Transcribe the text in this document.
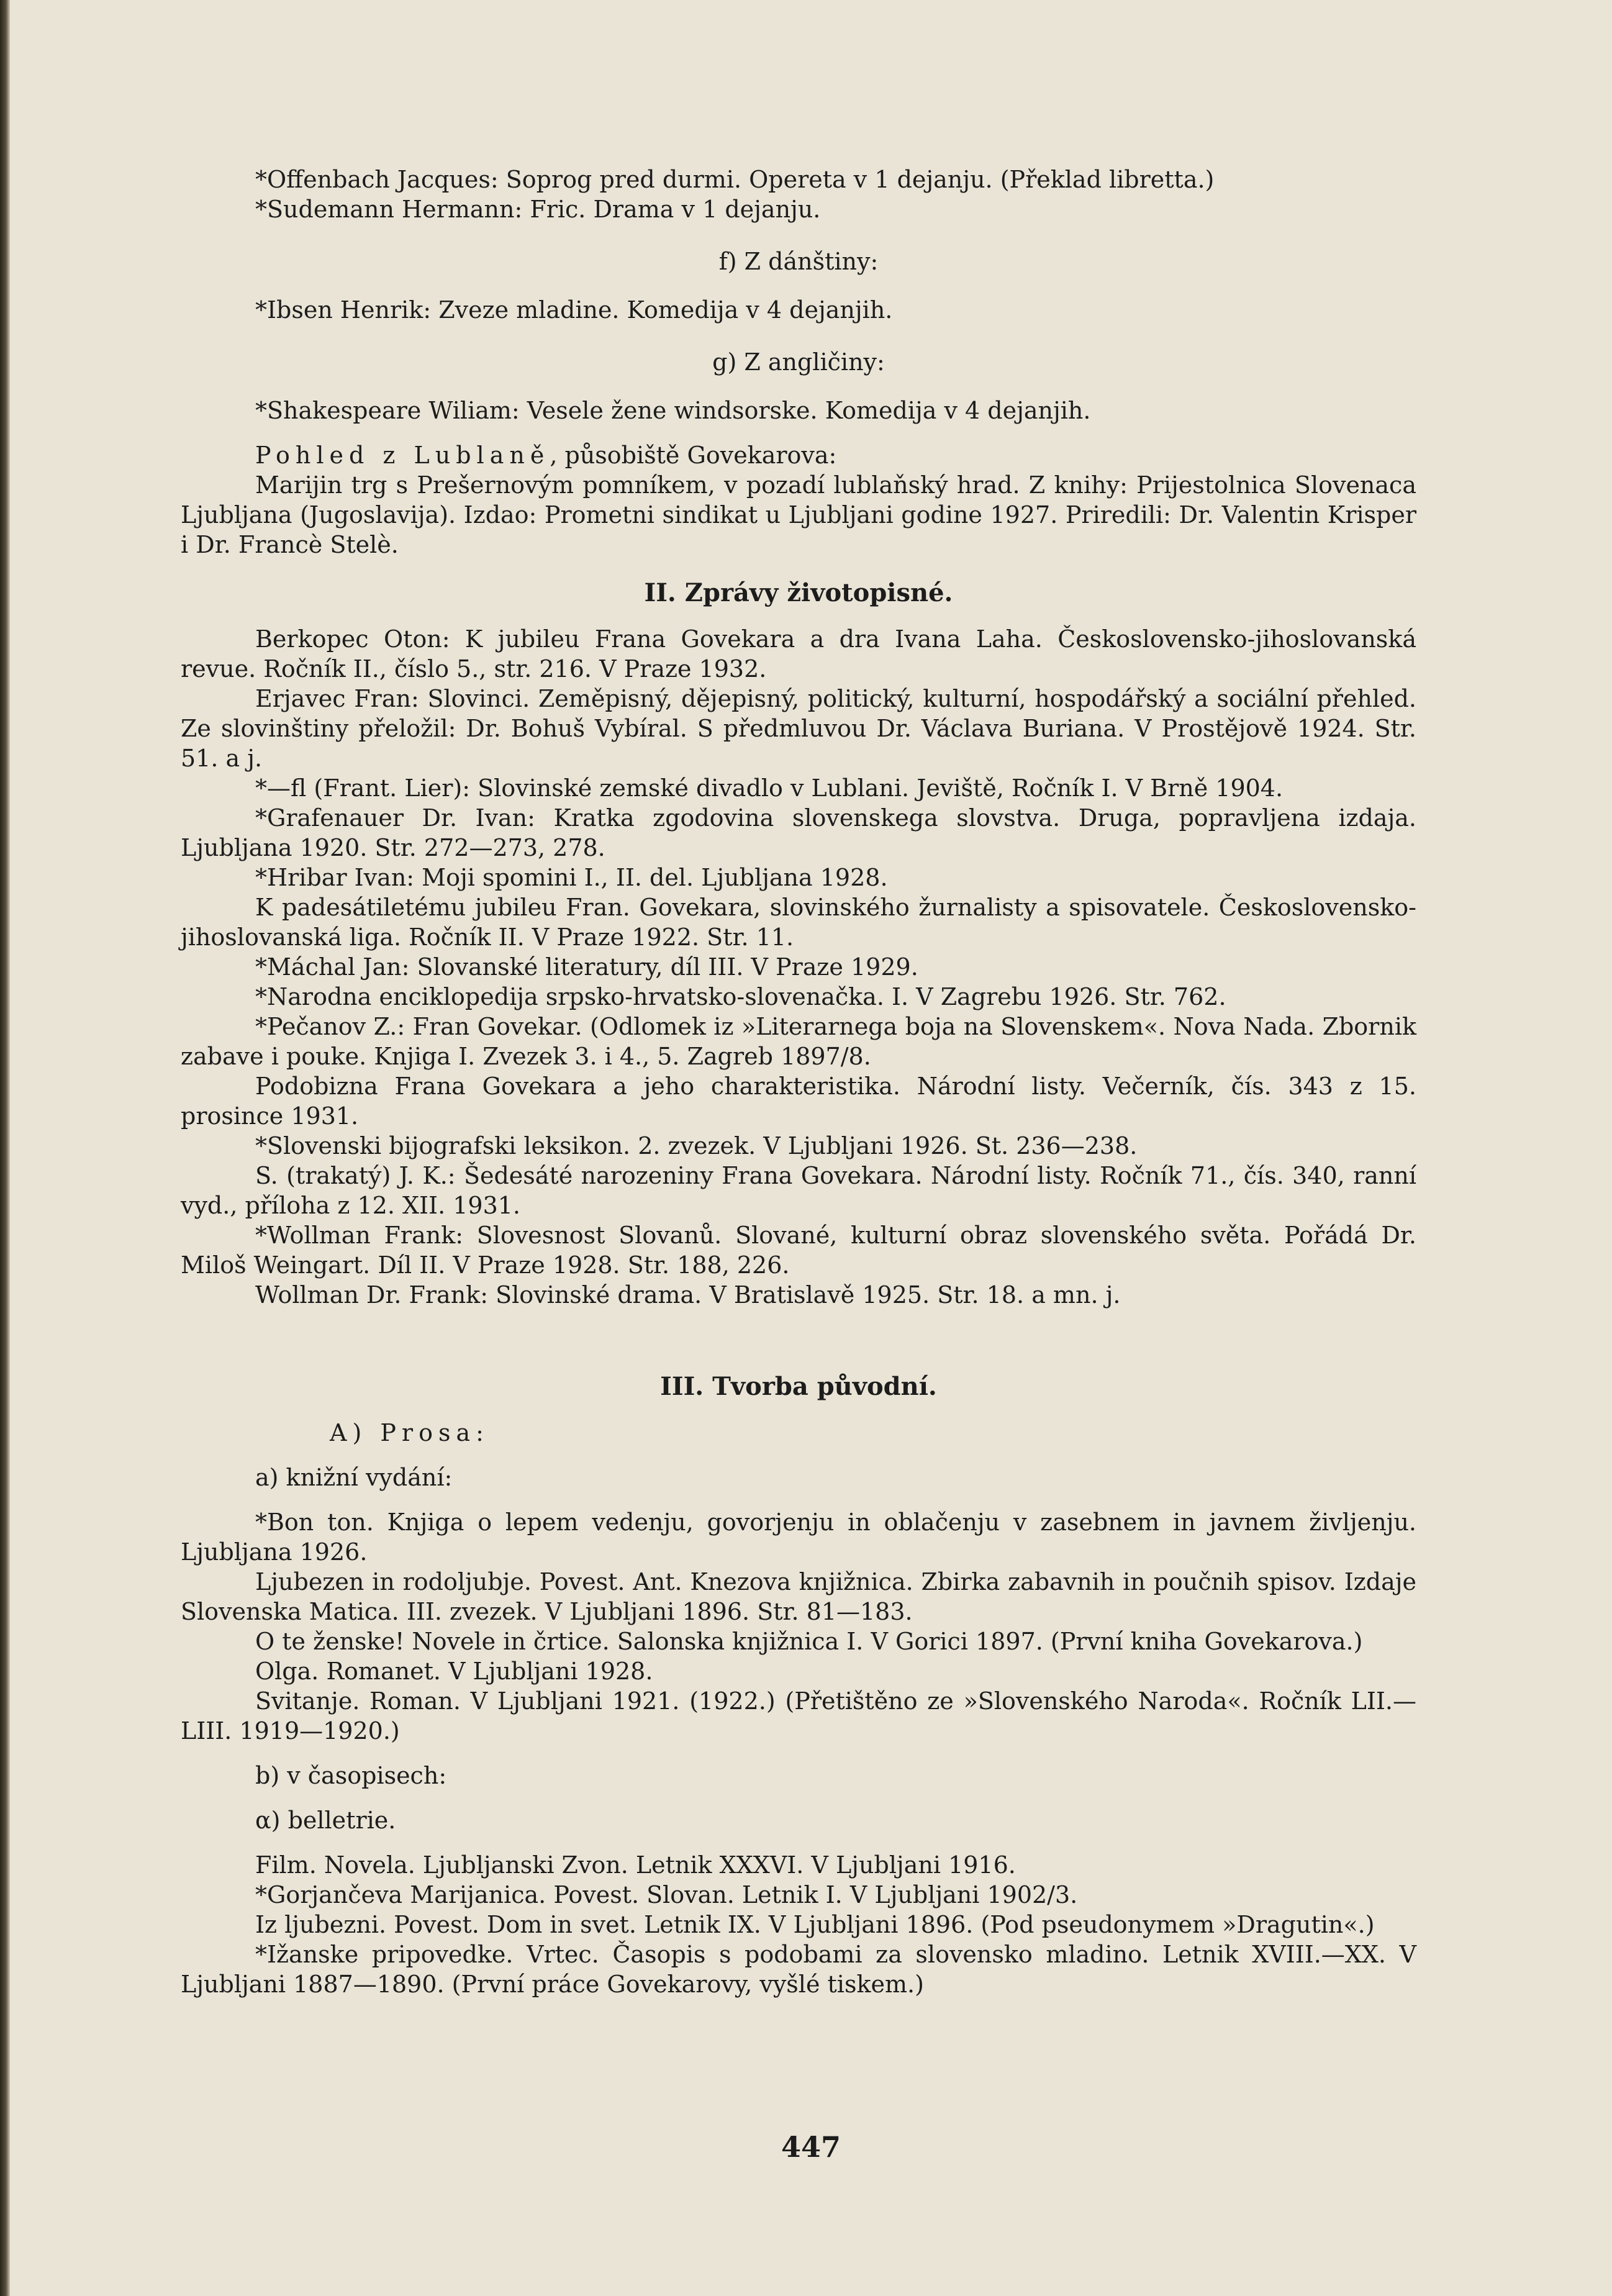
*Offenbach Jacques: Soprog pred durmi. Opereta v 1 dejanju. (Překlad libretta.)

*Sudemann Hermann: Fric. Drama v 1 dejanju.

f) Z dánštiny:

*Ibsen Henrik: Zveze mladine. Komedija v 4 dejanjih.

g) Z angličiny:

*Shakespeare Wiliam: Vesele žene windsorske. Komedija v 4 dejanjih.

Pohled z Lublaně, působiště Govekarova:

Marijin trg s Prešernovým pomníkem, v pozadí lublaňský hrad. Z knihy: Prijestolnica Slovenaca Ljubljana (Jugoslavija). Izdao: Prometni sindikat u Ljubljani godine 1927. Priredili: Dr. Valentin Krisper i Dr. Francè Stelè.

II. Zprávy životopisné.

Berkopec Oton: K jubileu Frana Govekara a dra Ivana Laha. Československo-jihoslovanská revue. Ročník II., číslo 5., str. 216. V Praze 1932.

Erjavec Fran: Slovinci. Zeměpisný, dějepisný, politický, kulturní, hospodářský a sociální přehled. Ze slovinštiny přeložil: Dr. Bohuš Vybíral. S předmluvou Dr. Václava Buriana. V Prostějově 1924. Str. 51. a j.

*—fl (Frant. Lier): Slovinské zemské divadlo v Lublani. Jeviště, Ročník I. V Brně 1904.

*Grafenauer Dr. Ivan: Kratka zgodovina slovenskega slovstva. Druga, popravljena izdaja. Ljubljana 1920. Str. 272—273, 278.

*Hribar Ivan: Moji spomini I., II. del. Ljubljana 1928.

K padesátiletému jubileu Fran. Govekara, slovinského žurnalisty a spisovatele. Československo-jihoslovanská liga. Ročník II. V Praze 1922. Str. 11.

*Máchal Jan: Slovanské literatury, díl III. V Praze 1929.

*Narodna enciklopedija srpsko-hrvatsko-slovenačka. I. V Zagrebu 1926. Str. 762.

*Pečanov Z.: Fran Govekar. (Odlomek iz »Literarnega boja na Slovenskem«. Nova Nada. Zbornik zabave i pouke. Knjiga I. Zvezek 3. i 4., 5. Zagreb 1897/8.

Podobizna Frana Govekara a jeho charakteristika. Národní listy. Večerník, čís. 343 z 15. prosince 1931.

*Slovenski bijografski leksikon. 2. zvezek. V Ljubljani 1926. St. 236—238.

S. (trakatý) J. K.: Šedesáté narozeniny Frana Govekara. Národní listy. Ročník 71., čís. 340, ranní vyd., příloha z 12. XII. 1931.

*Wollman Frank: Slovesnost Slovanů. Slované, kulturní obraz slovenského světa. Pořádá Dr. Miloš Weingart. Díl II. V Praze 1928. Str. 188, 226.

Wollman Dr. Frank: Slovinské drama. V Bratislavě 1925. Str. 18. a mn. j.

III. Tvorba původní.

A) Prosa:

a) knižní vydání:

*Bon ton. Knjiga o lepem vedenju, govorjenju in oblačenju v zasebnem in javnem življenju. Ljubljana 1926.

Ljubezen in rodoljubje. Povest. Ant. Knezova knjižnica. Zbirka zabavnih in poučnih spisov. Izdaje Slovenska Matica. III. zvezek. V Ljubljani 1896. Str. 81—183.

O te ženske! Novele in črtice. Salonska knjižnica I. V Gorici 1897. (První kniha Govekarova.)

Olga. Romanet. V Ljubljani 1928.

Svitanje. Roman. V Ljubljani 1921. (1922.) (Přetištěno ze »Slovenského Naroda«. Ročník LII.—LIII. 1919—1920.)

b) v časopisech:

α) belletrie.

Film. Novela. Ljubljanski Zvon. Letnik XXXVI. V Ljubljani 1916.

*Gorjančeva Marijanica. Povest. Slovan. Letnik I. V Ljubljani 1902/3.

Iz ljubezni. Povest. Dom in svet. Letnik IX. V Ljubljani 1896. (Pod pseudonymem »Dragutin«.)

*Ižanske pripovedke. Vrtec. Časopis s podobami za slovensko mladino. Letnik XVIII.—XX. V Ljubljani 1887—1890. (První práce Govekarovy, vyšlé tiskem.)

447
